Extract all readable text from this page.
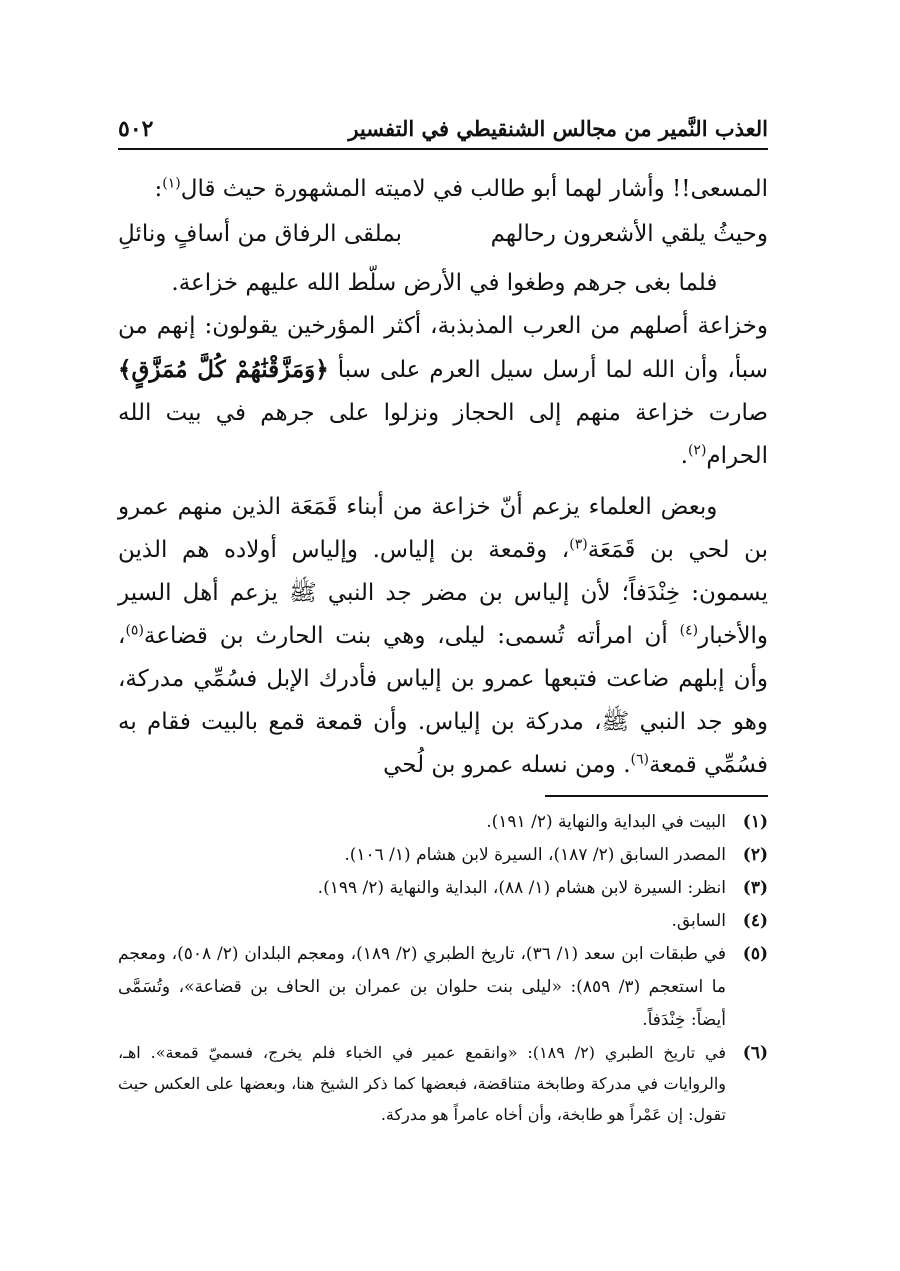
العذب النَّمير من مجالس الشنقيطي في التفسير
٥٠٢

المسعى!! وأشار لهما أبو طالب في لاميته المشهورة حيث قال$^{(١)}$:

وحيثُ يلقي الأشعرون رحالهم
بملقى الرفاق من أسافٍ ونائلِ

فلما بغى جرهم وطغوا في الأرض سلّط الله عليهم خزاعة.

وخزاعة أصلهم من العرب المذبذبة، أكثر المؤرخين يقولون: إنهم من سبأ، وأن الله لما أرسل سيل العرم على سبأ ﴿وَمَزَّقْنَٰهُمْ كُلَّ مُمَزَّقٍ﴾ صارت خزاعة منهم إلى الحجاز ونزلوا على جرهم في بيت الله الحرام$^{(٢)}$.

وبعض العلماء يزعم أنّ خزاعة من أبناء قَمَعَة الذين منهم عمرو بن لحي بن قَمَعَة$^{(٣)}$، وقمعة بن إلياس. وإلياس أولاده هم الذين يسمون: خِنْدَفاً؛ لأن إلياس بن مضر جد النبي ﷺ يزعم أهل السير والأخبار$^{(٤)}$ أن امرأته تُسمى: ليلى، وهي بنت الحارث بن قضاعة$^{(٥)}$، وأن إبلهم ضاعت فتبعها عمرو بن إلياس فأدرك الإبل فسُمِّي مدركة، وهو جد النبي ﷺ، مدركة بن إلياس. وأن قمعة قمع بالبيت فقام به فسُمِّي قمعة$^{(٦)}$. ومن نسله عمرو بن لُحي

(١)
البيت في البداية والنهاية (٢/ ١٩١).
(٢)
المصدر السابق (٢/ ١٨٧)، السيرة لابن هشام (١/ ١٠٦).
(٣)
انظر: السيرة لابن هشام (١/ ٨٨)، البداية والنهاية (٢/ ١٩٩).
(٤)
السابق.
(٥)
في طبقات ابن سعد (١/ ٣٦)، تاريخ الطبري (٢/ ١٨٩)، ومعجم البلدان (٢/ ٥٠٨)، ومعجم ما استعجم (٣/ ٨٥٩): «ليلى بنت حلوان بن عمران بن الحاف بن قضاعة»، وتُسَمَّى أيضاً: خِنْدَفاً.
(٦)
في تاريخ الطبري (٢/ ١٨٩): «وانقمع عمير في الخباء فلم يخرج، فسميّ قمعة». اهـ، والروايات في مدركة وطابخة متناقضة، فبعضها كما ذكر الشيخ هنا، وبعضها على العكس حيث تقول: إن عَمْراً هو طابخة، وأن أخاه عامراً هو مدركة.
